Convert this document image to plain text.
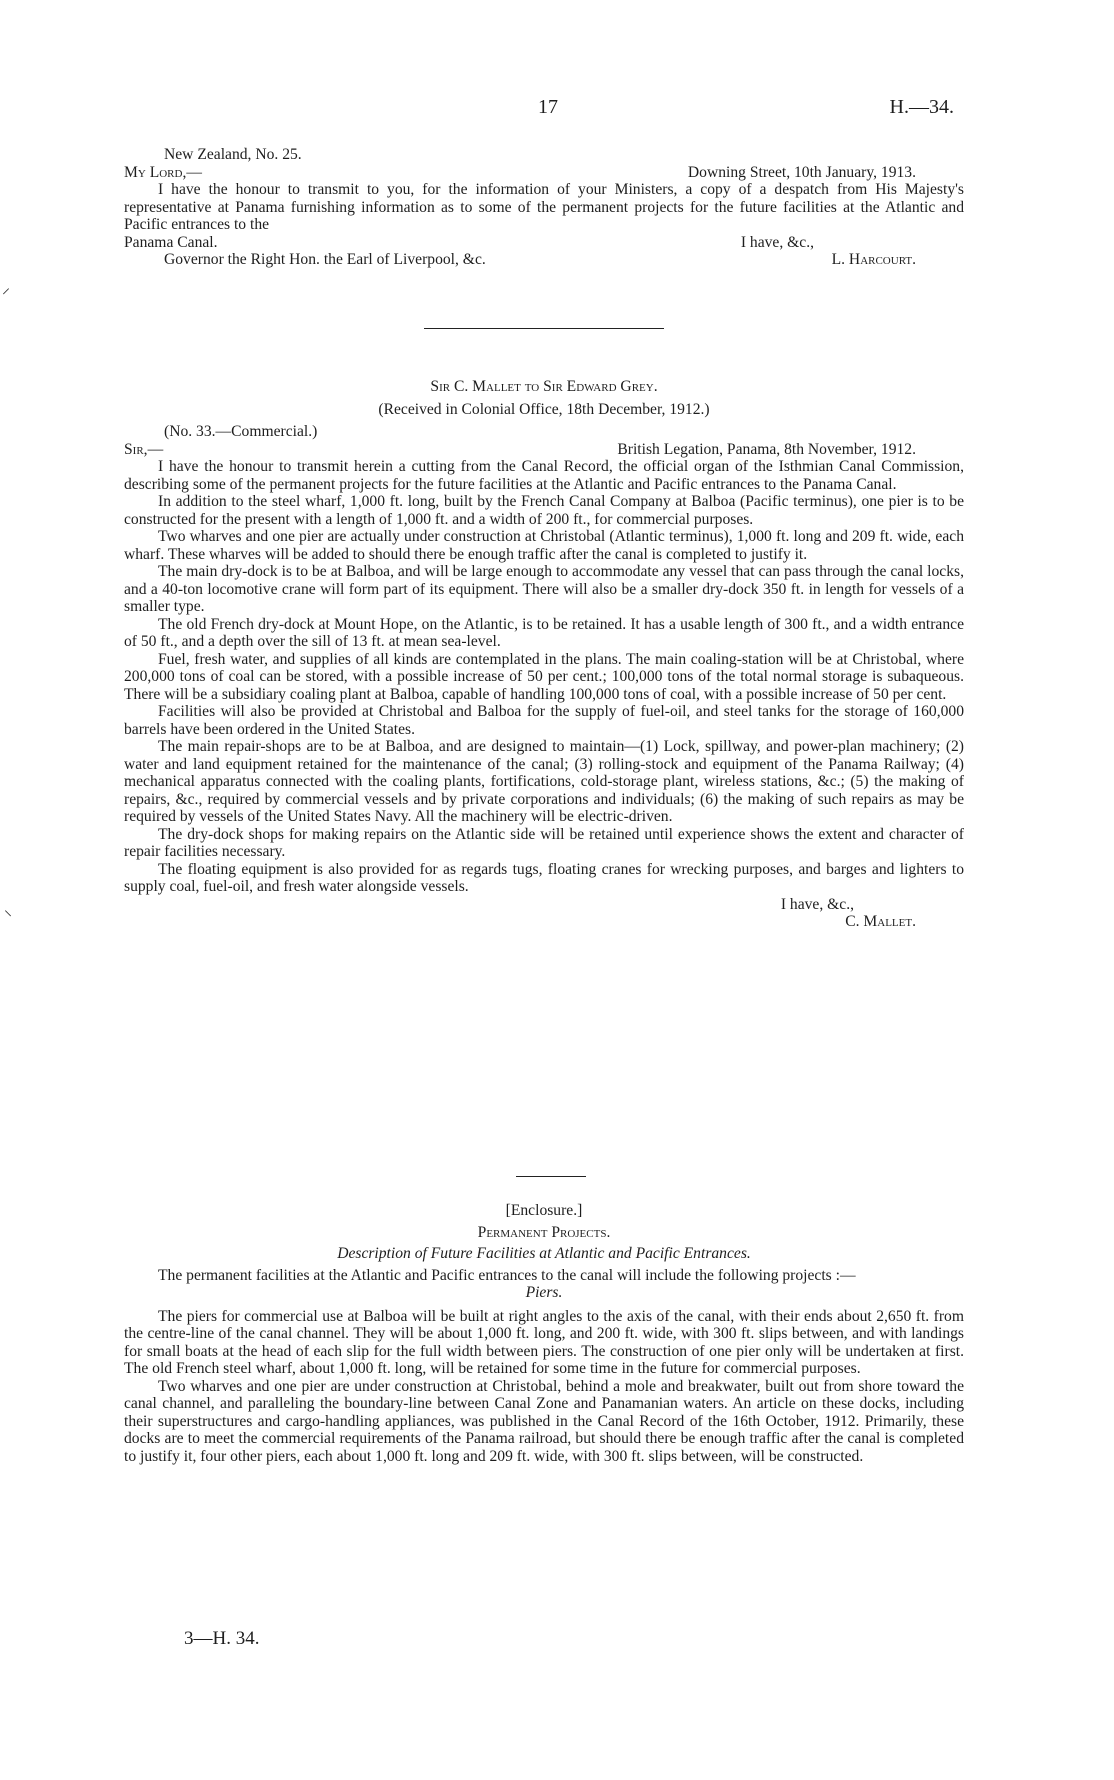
17	H.—34.
⸝
⸜
New Zealand, No. 25.
My Lord,—	Downing Street, 10th January, 1913.

I have the honour to transmit to you, for the information of your Ministers, a copy of a despatch from His Majesty's representative at Panama furnishing information as to some of the permanent projects for the future facilities at the Atlantic and Pacific entrances to the

Panama Canal.	I have, &c.,
Governor the Right Hon. the Earl of Liverpool, &c.	L. Harcourt.
Sir C. Mallet to Sir Edward Grey.
(Received in Colonial Office, 18th December, 1912.)
(No. 33.—Commercial.)
Sir,—	British Legation, Panama, 8th November, 1912.

I have the honour to transmit herein a cutting from the Canal Record, the official organ of the Isthmian Canal Commission, describing some of the permanent projects for the future facilities at the Atlantic and Pacific entrances to the Panama Canal.

In addition to the steel wharf, 1,000 ft. long, built by the French Canal Company at Balboa (Pacific terminus), one pier is to be constructed for the present with a length of 1,000 ft. and a width of 200 ft., for commercial purposes.

Two wharves and one pier are actually under construction at Christobal (Atlantic terminus), 1,000 ft. long and 209 ft. wide, each wharf. These wharves will be added to should there be enough traffic after the canal is completed to justify it.

The main dry-dock is to be at Balboa, and will be large enough to accommodate any vessel that can pass through the canal locks, and a 40-ton locomotive crane will form part of its equipment. There will also be a smaller dry-dock 350 ft. in length for vessels of a smaller type.

The old French dry-dock at Mount Hope, on the Atlantic, is to be retained. It has a usable length of 300 ft., and a width entrance of 50 ft., and a depth over the sill of 13 ft. at mean sea-level.

Fuel, fresh water, and supplies of all kinds are contemplated in the plans. The main coaling-station will be at Christobal, where 200,000 tons of coal can be stored, with a possible increase of 50 per cent.; 100,000 tons of the total normal storage is subaqueous. There will be a subsidiary coaling plant at Balboa, capable of handling 100,000 tons of coal, with a possible increase of 50 per cent.

Facilities will also be provided at Christobal and Balboa for the supply of fuel-oil, and steel tanks for the storage of 160,000 barrels have been ordered in the United States.

The main repair-shops are to be at Balboa, and are designed to maintain—(1) Lock, spillway, and power-plan machinery; (2) water and land equipment retained for the maintenance of the canal; (3) rolling-stock and equipment of the Panama Railway; (4) mechanical apparatus connected with the coaling plants, fortifications, cold-storage plant, wireless stations, &c.; (5) the making of repairs, &c., required by commercial vessels and by private corporations and individuals; (6) the making of such repairs as may be required by vessels of the United States Navy. All the machinery will be electric-driven.

The dry-dock shops for making repairs on the Atlantic side will be retained until experience shows the extent and character of repair facilities necessary.

The floating equipment is also provided for as regards tugs, floating cranes for wrecking purposes, and barges and lighters to supply coal, fuel-oil, and fresh water alongside vessels.

I have, &c.,
C. Mallet.
[Enclosure.]
Permanent Projects.
Description of Future Facilities at Atlantic and Pacific Entrances.

The permanent facilities at the Atlantic and Pacific entrances to the canal will include the following projects :—

Piers.

The piers for commercial use at Balboa will be built at right angles to the axis of the canal, with their ends about 2,650 ft. from the centre-line of the canal channel. They will be about 1,000 ft. long, and 200 ft. wide, with 300 ft. slips between, and with landings for small boats at the head of each slip for the full width between piers. The construction of one pier only will be undertaken at first. The old French steel wharf, about 1,000 ft. long, will be retained for some time in the future for commercial purposes.

Two wharves and one pier are under construction at Christobal, behind a mole and breakwater, built out from shore toward the canal channel, and paralleling the boundary-line between Canal Zone and Panamanian waters. An article on these docks, including their superstructures and cargo-handling appliances, was published in the Canal Record of the 16th October, 1912. Primarily, these docks are to meet the commercial requirements of the Panama railroad, but should there be enough traffic after the canal is completed to justify it, four other piers, each about 1,000 ft. long and 209 ft. wide, with 300 ft. slips between, will be constructed.

3—H. 34.
